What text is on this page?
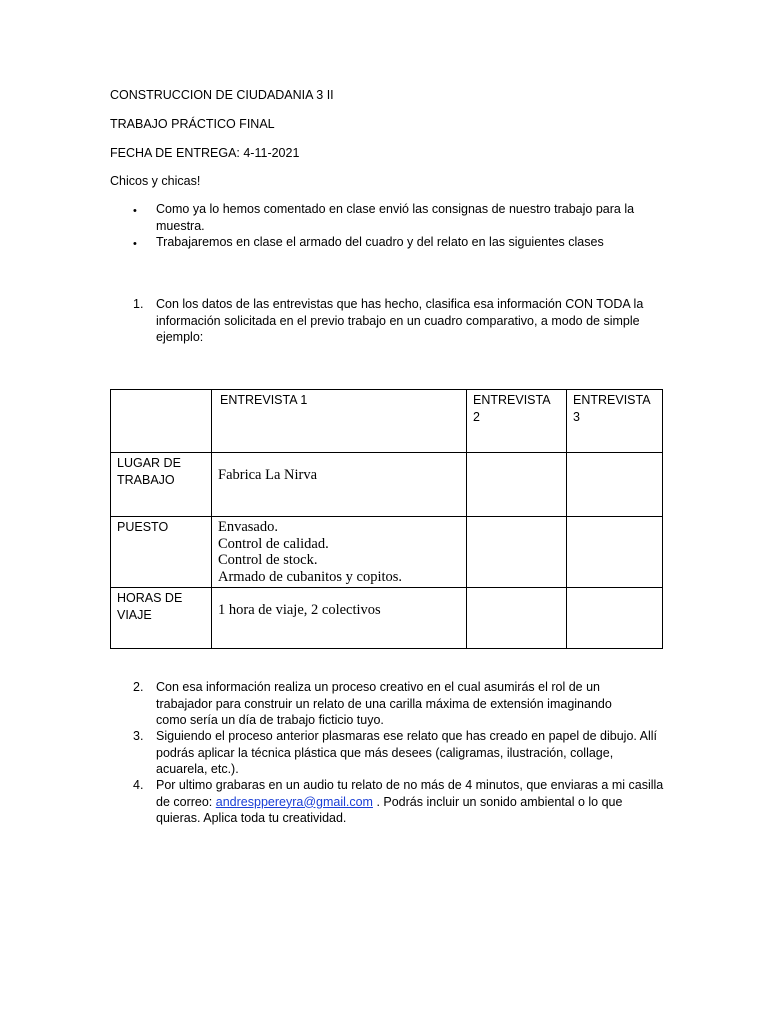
CONSTRUCCION DE CIUDADANIA 3 II
TRABAJO PRÁCTICO FINAL
FECHA DE ENTREGA: 4-11-2021
Chicos y chicas!
• Como ya lo hemos comentado en clase envió las consignas de nuestro trabajo para la muestra.
• Trabajaremos en clase el armado del cuadro y del relato en las siguientes clases
1. Con los datos de las entrevistas que has hecho, clasifica esa información CON TODA la información solicitada en el previo trabajo en un cuadro comparativo, a modo de simple ejemplo:
	ENTREVISTA 1	ENTREVISTA 2	ENTREVISTA 3
LUGAR DE TRABAJO	Fabrica La Nirva		

PUESTO	Envasado.
Control de calidad.
Control de stock.
Armado de cubanitos y copitos.		

HORAS DE VIAJE	1 hora de viaje, 2 colectivos		

2. Con esa información realiza un proceso creativo en el cual asumirás el rol de un trabajador para construir un relato de una carilla máxima de extensión imaginando como sería un día de trabajo ficticio tuyo.
3. Siguiendo el proceso anterior plasmaras ese relato que has creado en papel de dibujo. Allí podrás aplicar la técnica plástica que más desees (caligramas, ilustración, collage, acuarela, etc.).
4. Por ultimo grabaras en un audio tu relato de no más de 4 minutos, que enviaras a mi casilla de correo: andresppereyra@gmail.com . Podrás incluir un sonido ambiental o lo que quieras. Aplica toda tu creatividad.
